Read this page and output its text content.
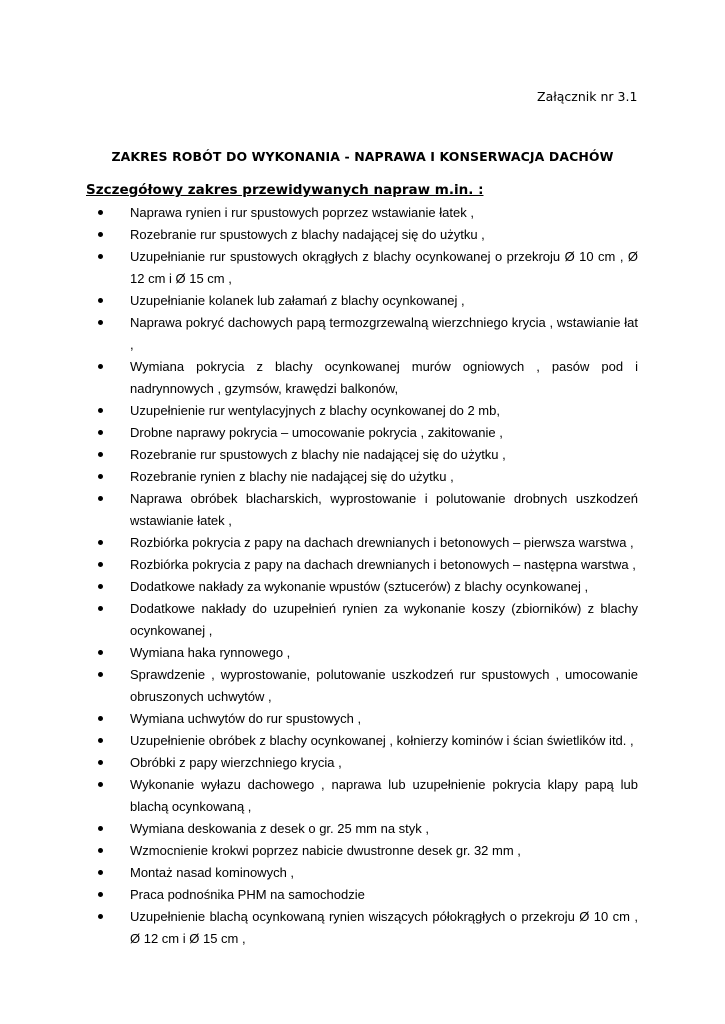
Załącznik nr 3.1
ZAKRES ROBÓT DO WYKONANIA - NAPRAWA I KONSERWACJA DACHÓW
Szczegółowy zakres przewidywanych napraw m.in. :
Naprawa rynien i rur spustowych poprzez wstawianie łatek ,
Rozebranie rur spustowych z blachy nadającej się do użytku ,
Uzupełnianie rur spustowych okrągłych z blachy ocynkowanej o przekroju Ø 10 cm , Ø 12 cm i Ø 15 cm ,
Uzupełnianie kolanek lub załamań z blachy ocynkowanej ,
Naprawa pokryć dachowych papą termozgrzewalną wierzchniego krycia , wstawianie łat ,
Wymiana pokrycia z blachy ocynkowanej murów ogniowych , pasów pod i nadrynnowych , gzymsów, krawędzi balkonów,
Uzupełnienie rur wentylacyjnych z blachy ocynkowanej do 2 mb,
Drobne naprawy pokrycia – umocowanie pokrycia , zakitowanie ,
Rozebranie rur spustowych z blachy nie nadającej się do użytku ,
Rozebranie rynien z blachy nie nadającej się do użytku ,
Naprawa obróbek blacharskich, wyprostowanie i polutowanie drobnych uszkodzeń wstawianie łatek ,
Rozbiórka pokrycia z papy na dachach drewnianych i betonowych – pierwsza warstwa ,
Rozbiórka pokrycia z papy na dachach drewnianych i betonowych – następna warstwa ,
Dodatkowe nakłady za wykonanie wpustów (sztucerów) z blachy ocynkowanej ,
Dodatkowe nakłady do uzupełnień rynien za wykonanie koszy (zbiorników) z blachy ocynkowanej ,
Wymiana haka rynnowego ,
Sprawdzenie , wyprostowanie, polutowanie uszkodzeń rur spustowych , umocowanie obruszonych uchwytów ,
Wymiana uchwytów do rur spustowych ,
Uzupełnienie obróbek z blachy ocynkowanej , kołnierzy kominów i ścian świetlików itd. ,
Obróbki z papy wierzchniego krycia ,
Wykonanie wyłazu dachowego , naprawa lub uzupełnienie pokrycia klapy papą lub blachą ocynkowaną ,
Wymiana deskowania z desek o gr. 25 mm na styk ,
Wzmocnienie krokwi poprzez nabicie dwustronne desek gr. 32 mm ,
Montaż nasad kominowych ,
Praca podnośnika PHM na samochodzie
Uzupełnienie blachą ocynkowaną rynien wiszących półokrągłych o przekroju Ø 10 cm , Ø 12 cm i Ø 15 cm ,
